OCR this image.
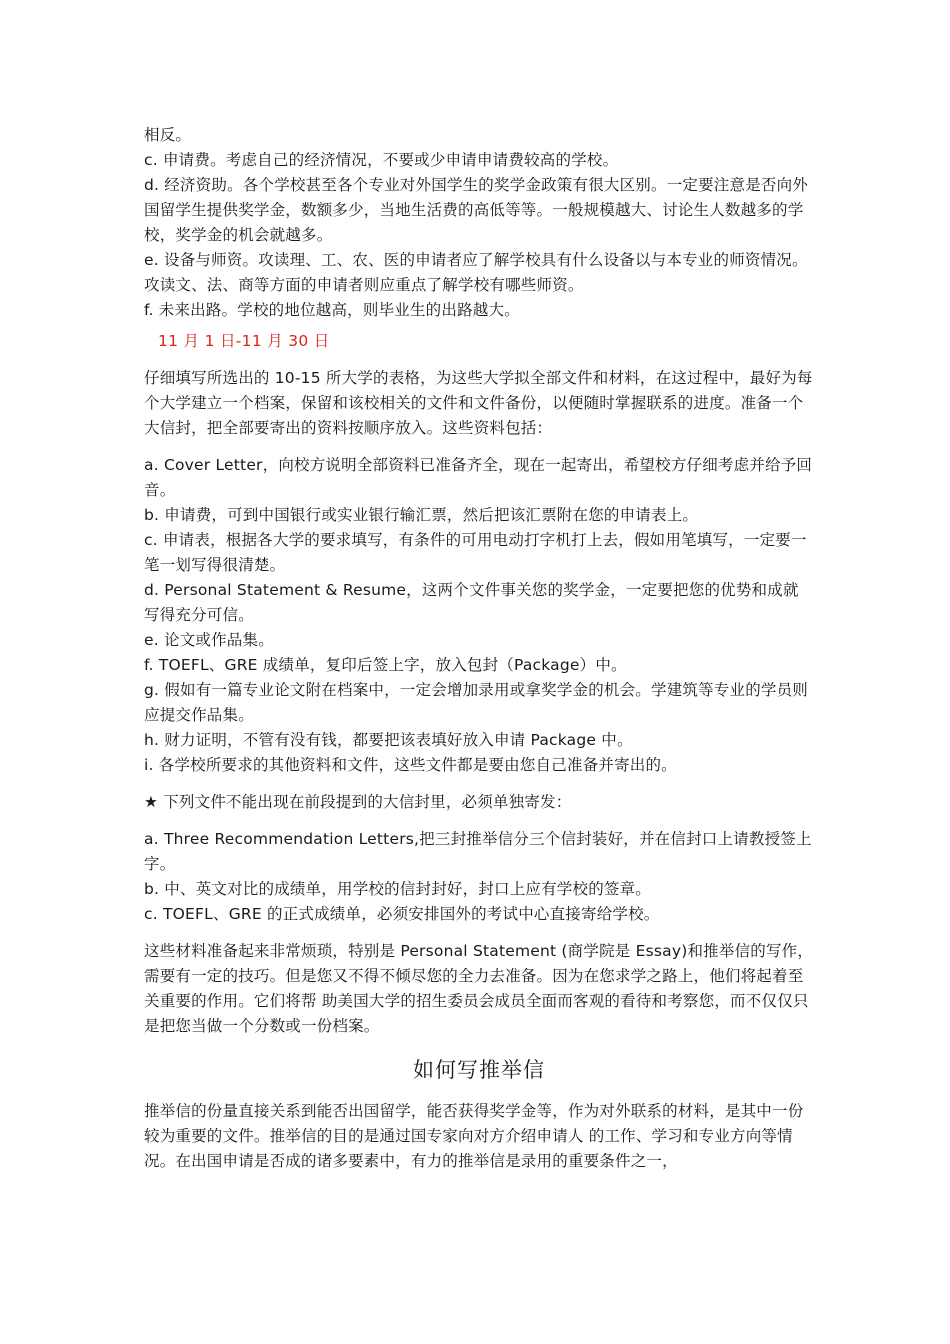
相反。

c. 申请费。考虑自己的经济情况，不要或少申请申请费较高的学校。

d. 经济资助。各个学校甚至各个专业对外国学生的奖学金政策有很大区别。一定要注意是否向外国留学生提供奖学金，数额多少，当地生活费的高低等等。一般规模越大、讨论生人数越多的学校，奖学金的机会就越多。

e. 设备与师资。攻读理、工、农、医的申请者应了解学校具有什么设备以与本专业的师资情况。攻读文、法、商等方面的申请者则应重点了解学校有哪些师资。

f. 未来出路。学校的地位越高，则毕业生的出路越大。

11 月 1 日-11 月 30 日

仔细填写所选出的 10-15 所大学的表格，为这些大学拟全部文件和材料，在这过程中，最好为每个大学建立一个档案，保留和该校相关的文件和文件备份，以便随时掌握联系的进度。准备一个大信封，把全部要寄出的资料按顺序放入。这些资料包括：

a. Cover Letter，向校方说明全部资料已准备齐全，现在一起寄出，希望校方仔细考虑并给予回音。

b. 申请费，可到中国银行或实业银行输汇票，然后把该汇票附在您的申请表上。

c. 申请表，根据各大学的要求填写，有条件的可用电动打字机打上去，假如用笔填写，一定要一笔一划写得很清楚。

d. Personal Statement & Resume，这两个文件事关您的奖学金，一定要把您的优势和成就写得充分可信。

e. 论文或作品集。

f. TOEFL、GRE 成绩单，复印后签上字，放入包封（Package）中。

g. 假如有一篇专业论文附在档案中，一定会增加录用或拿奖学金的机会。学建筑等专业的学员则应提交作品集。

h. 财力证明，不管有没有钱，都要把该表填好放入申请 Package 中。

i. 各学校所要求的其他资料和文件，这些文件都是要由您自己准备并寄出的。

★ 下列文件不能出现在前段提到的大信封里，必须单独寄发：

a. Three Recommendation Letters,把三封推举信分三个信封装好，并在信封口上请教授签上字。

b. 中、英文对比的成绩单，用学校的信封封好，封口上应有学校的签章。

c. TOEFL、GRE 的正式成绩单，必须安排国外的考试中心直接寄给学校。

这些材料准备起来非常烦琐，特别是 Personal Statement (商学院是 Essay)和推举信的写作，需要有一定的技巧。但是您又不得不倾尽您的全力去准备。因为在您求学之路上，他们将起着至关重要的作用。它们将帮 助美国大学的招生委员会成员全面而客观的看待和考察您，而不仅仅只是把您当做一个分数或一份档案。

如何写推举信

推举信的份量直接关系到能否出国留学，能否获得奖学金等，作为对外联系的材料，是其中一份较为重要的文件。推举信的目的是通过国专家向对方介绍申请人 的工作、学习和专业方向等情况。在出国申请是否成的诸多要素中，有力的推举信是录用的重要条件之一，
